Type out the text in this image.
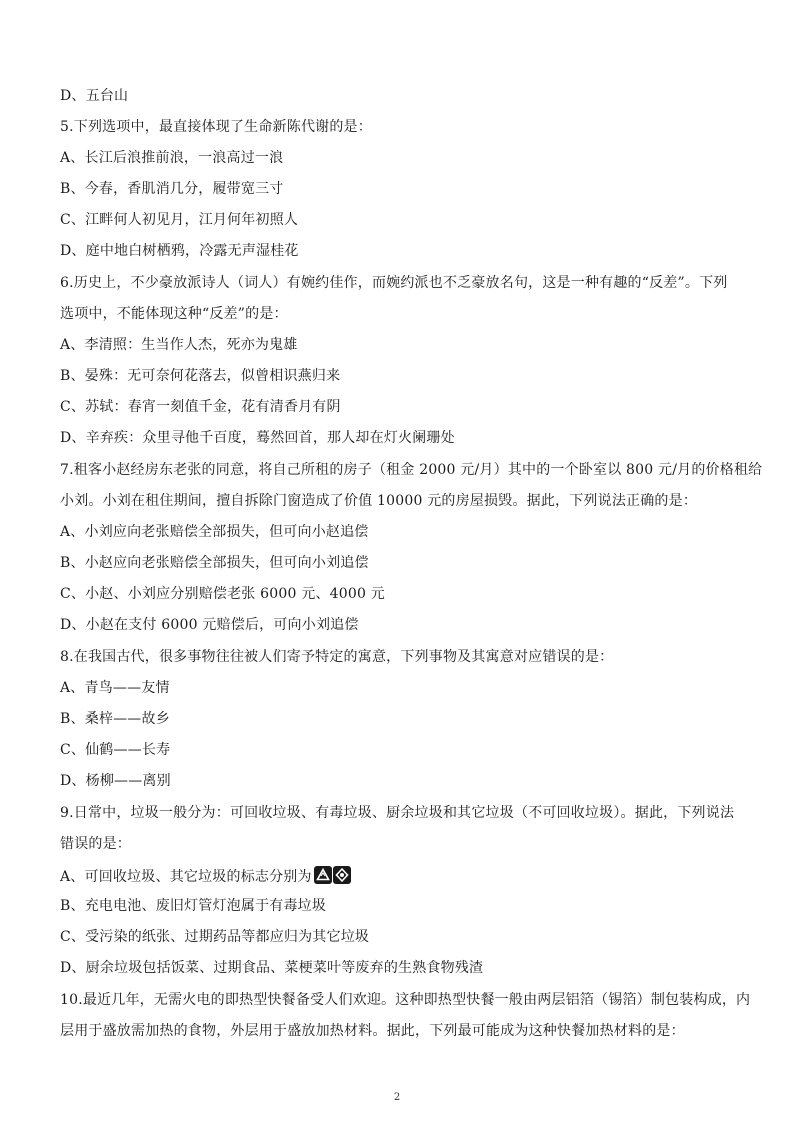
D、五台山
5.下列选项中，最直接体现了生命新陈代谢的是：
A、长江后浪推前浪，一浪高过一浪
B、今春，香肌消几分，履带宽三寸
C、江畔何人初见月，江月何年初照人
D、庭中地白树栖鸦，冷露无声湿桂花
6.历史上，不少豪放派诗人（词人）有婉约佳作，而婉约派也不乏豪放名句，这是一种有趣的“反差”。下列
选项中，不能体现这种“反差”的是：
A、李清照：生当作人杰，死亦为鬼雄
B、晏殊：无可奈何花落去，似曾相识燕归来
C、苏轼：春宵一刻值千金，花有清香月有阴
D、辛弃疾：众里寻他千百度，蓦然回首，那人却在灯火阑珊处
7.租客小赵经房东老张的同意，将自己所租的房子（租金 2000 元/月）其中的一个卧室以 800 元/月的价格租给
小刘。小刘在租住期间，擅自拆除门窗造成了价值 10000 元的房屋损毁。据此，下列说法正确的是：
A、小刘应向老张赔偿全部损失，但可向小赵追偿
B、小赵应向老张赔偿全部损失，但可向小刘追偿
C、小赵、小刘应分别赔偿老张 6000 元、4000 元
D、小赵在支付 6000 元赔偿后，可向小刘追偿
8.在我国古代，很多事物往往被人们寄予特定的寓意，下列事物及其寓意对应错误的是：
A、青鸟——友情
B、桑梓——故乡
C、仙鹤——长寿
D、杨柳——离别
9.日常中，垃圾一般分为：可回收垃圾、有毒垃圾、厨余垃圾和其它垃圾（不可回收垃圾）。据此，下列说法
错误的是：
A、可回收垃圾、其它垃圾的标志分别为
B、充电电池、废旧灯管灯泡属于有毒垃圾
C、受污染的纸张、过期药品等都应归为其它垃圾
D、厨余垃圾包括饭菜、过期食品、菜梗菜叶等废弃的生熟食物残渣
10.最近几年，无需火电的即热型快餐备受人们欢迎。这种即热型快餐一般由两层铝箔（锡箔）制包装构成，内
层用于盛放需加热的食物，外层用于盛放加热材料。据此，下列最可能成为这种快餐加热材料的是：
2
